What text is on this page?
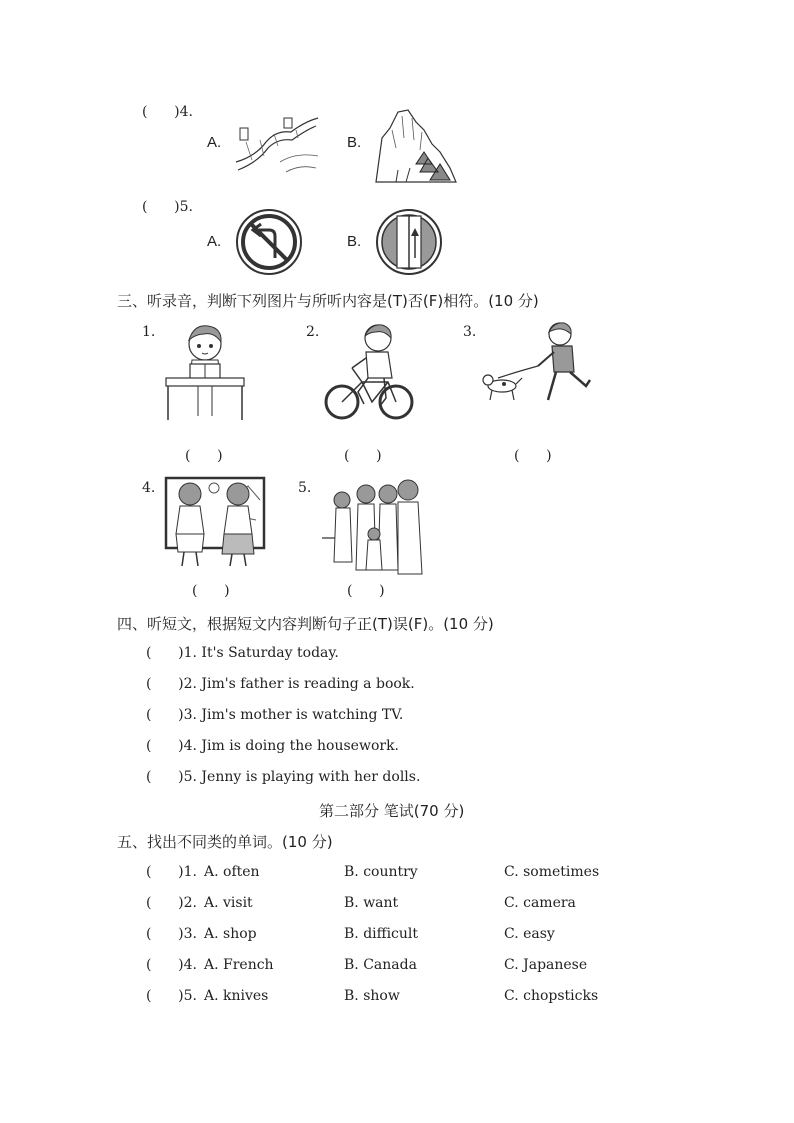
(      )4.
A.	B.
(      )5.
A.	B.
三、听录音，判断下列图片与所听内容是(T)否(F)相符。(10 分)
1.
(      )
2.
(      )
3.
(      )
4.
(      )
5.
(      )
四、听短文，根据短文内容判断句子正(T)误(F)。(10 分)
(      )1. It's Saturday today.
(      )2. Jim's father is reading a book.
(      )3. Jim's mother is watching TV.
(      )4. Jim is doing the housework.
(      )5. Jenny is playing with her dolls.
第二部分 笔试(70 分)
五、找出不同类的单词。(10 分)
(      )1. A. often	B. country	C. sometimes
(      )2. A. visit	B. want	C. camera
(      )3. A. shop	B. difficult	C. easy
(      )4. A. French	B. Canada	C. Japanese
(      )5. A. knives	B. show	C. chopsticks
